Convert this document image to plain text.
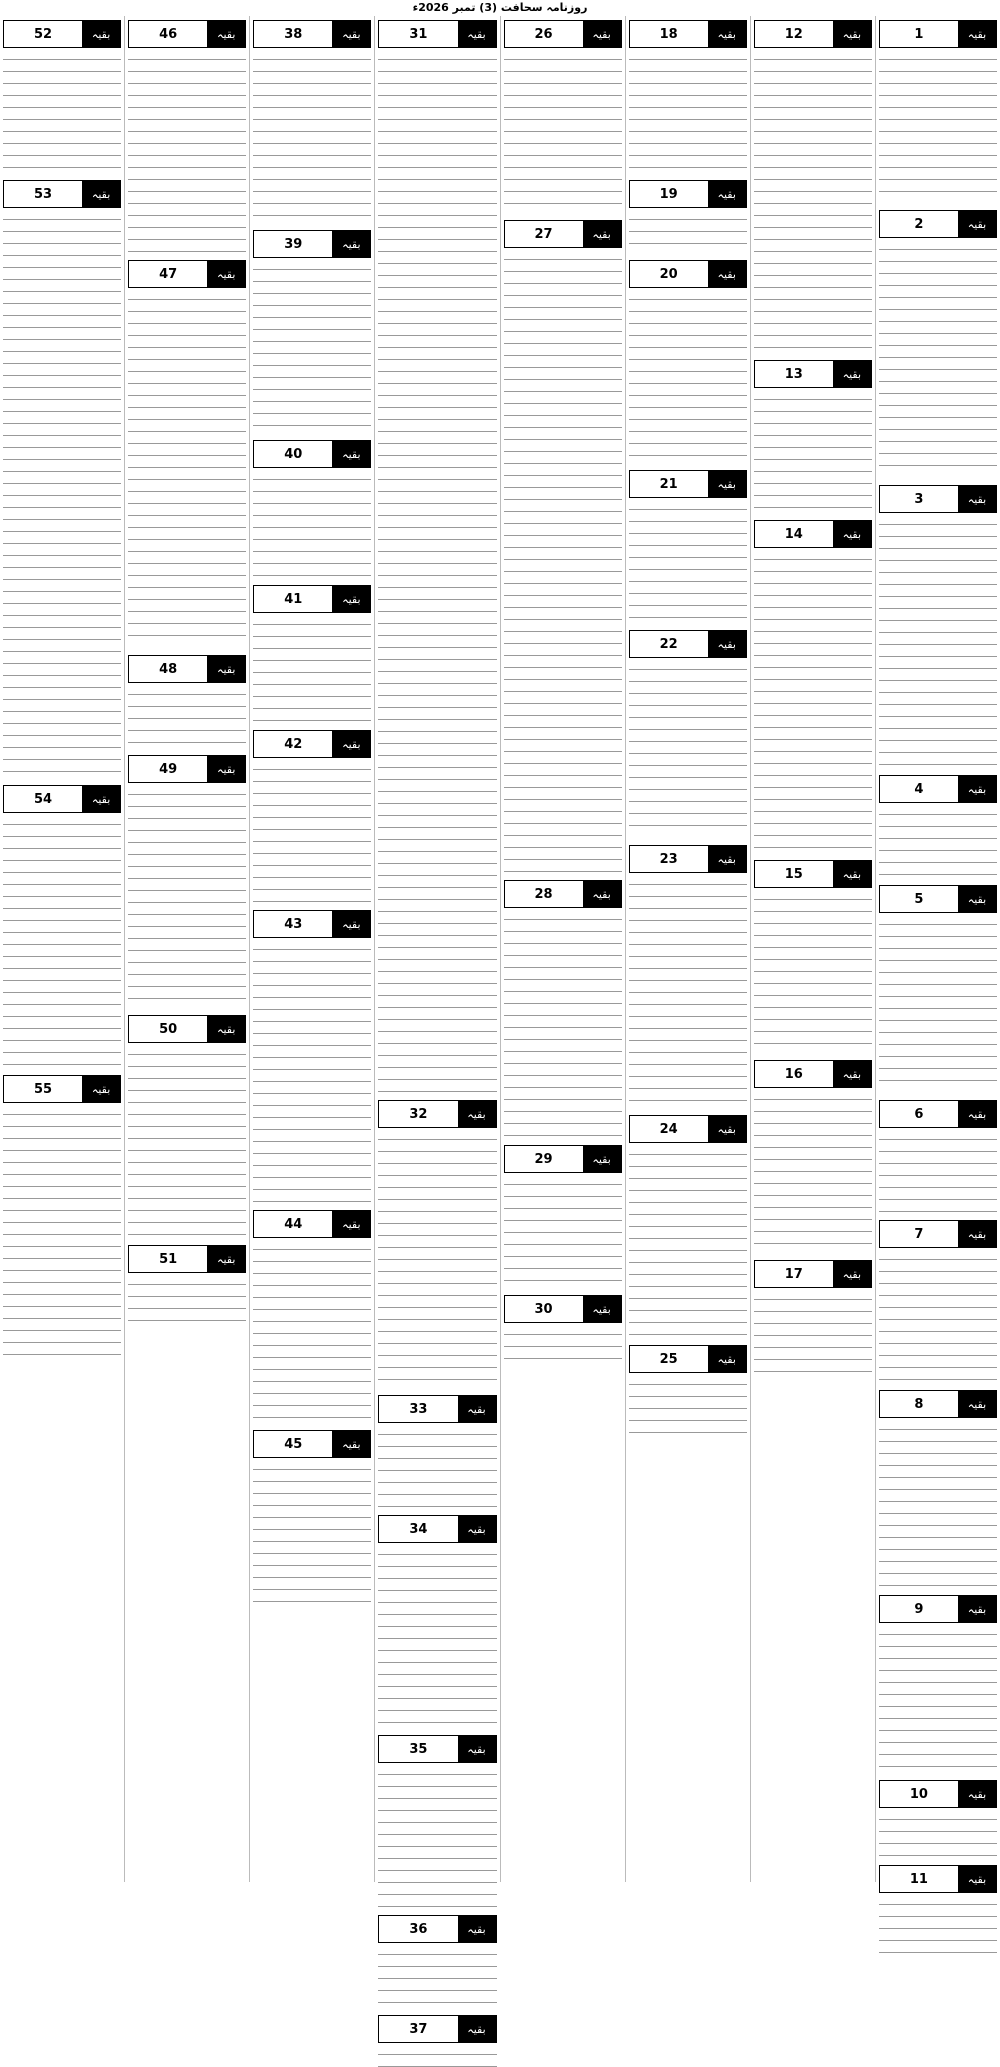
روزنامہ سحافت (3) تمبر 2026ء
1	بقیہ
2	بقیہ
3	بقیہ
4	بقیہ
5	بقیہ
6	بقیہ
7	بقیہ
8	بقیہ
9	بقیہ
10	بقیہ
11	بقیہ
12	بقیہ
13	بقیہ
14	بقیہ
15	بقیہ
16	بقیہ
17	بقیہ
18	بقیہ
19	بقیہ
20	بقیہ
21	بقیہ
22	بقیہ
23	بقیہ
24	بقیہ
25	بقیہ
26	بقیہ
27	بقیہ
28	بقیہ
29	بقیہ
30	بقیہ
31	بقیہ
32	بقیہ
33	بقیہ
34	بقیہ
35	بقیہ
36	بقیہ
37	بقیہ
38	بقیہ
39	بقیہ
40	بقیہ
41	بقیہ
42	بقیہ
43	بقیہ
44	بقیہ
45	بقیہ
46	بقیہ
47	بقیہ
48	بقیہ
49	بقیہ
50	بقیہ
51	بقیہ
52	بقیہ
53	بقیہ
54	بقیہ
55	بقیہ
